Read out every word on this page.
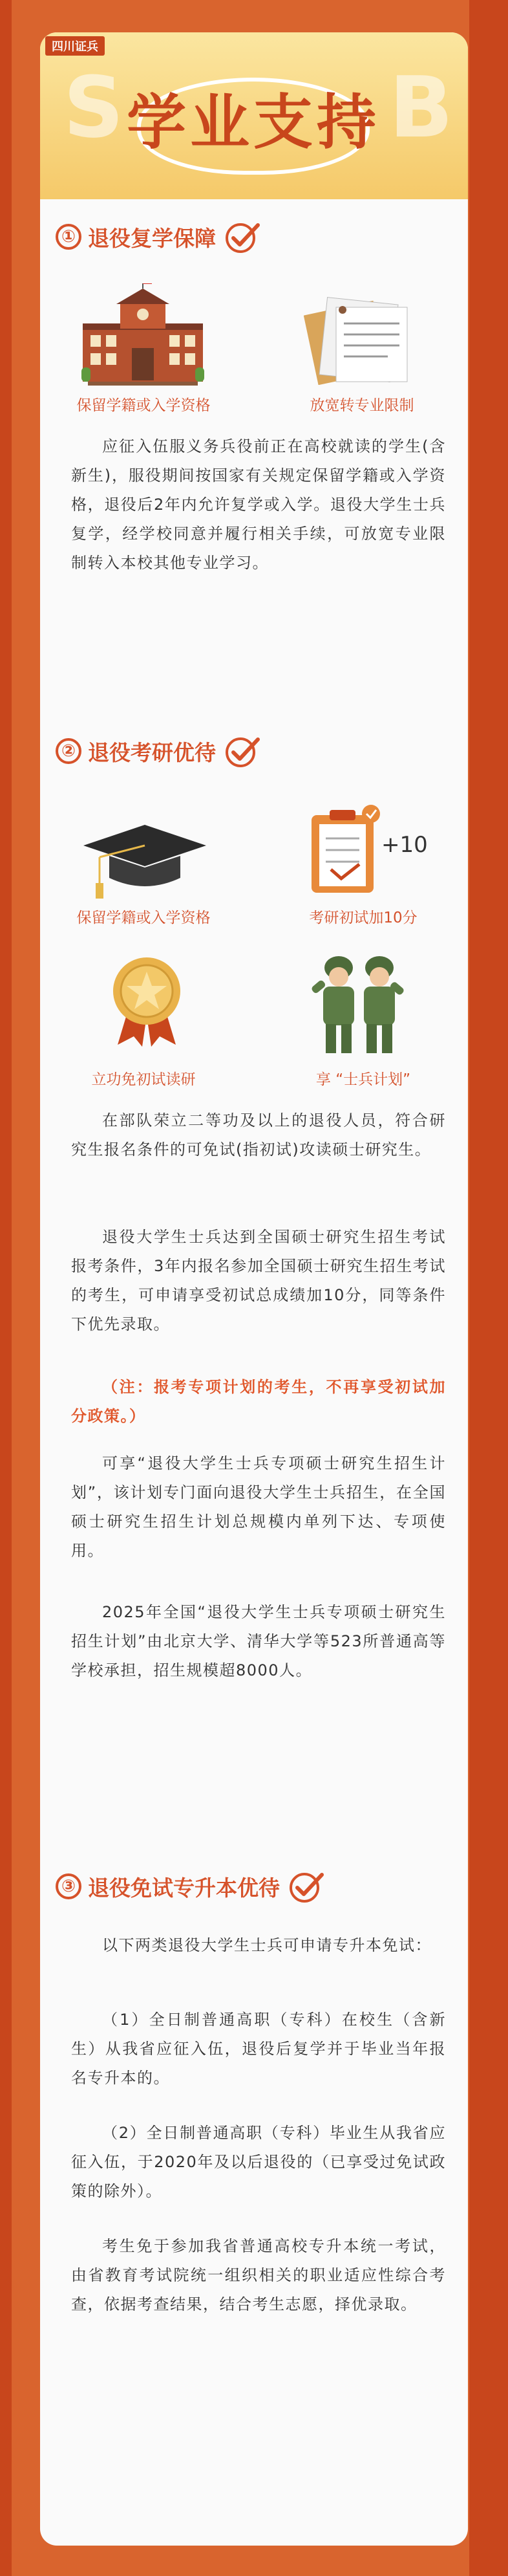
S	B
四川证兵
学业支持
① 退役复学保障
保留学籍或入学资格	放宽转专业限制
应征入伍服义务兵役前正在高校就读的学生(含新生)，服役期间按国家有关规定保留学籍或入学资格，退役后2年内允许复学或入学。退役大学生士兵复学，经学校同意并履行相关手续，可放宽专业限制转入本校其他专业学习。
② 退役考研优待
保留学籍或入学资格
+10
考研初试加10分
立功免初试读研	享 “士兵计划”
在部队荣立二等功及以上的退役人员，符合研究生报名条件的可免试(指初试)攻读硕士研究生。
退役大学生士兵达到全国硕士研究生招生考试报考条件，3年内报名参加全国硕士研究生招生考试的考生，可申请享受初试总成绩加10分，同等条件下优先录取。
（注：报考专项计划的考生，不再享受初试加分政策。）
可享“退役大学生士兵专项硕士研究生招生计划”，该计划专门面向退役大学生士兵招生，在全国硕士研究生招生计划总规模内单列下达、专项使用。
2025年全国“退役大学生士兵专项硕士研究生招生计划”由北京大学、清华大学等523所普通高等学校承担，招生规模超8000人。
③ 退役免试专升本优待
以下两类退役大学生士兵可申请专升本免试：
（1）全日制普通高职（专科）在校生（含新生）从我省应征入伍，退役后复学并于毕业当年报名专升本的。
（2）全日制普通高职（专科）毕业生从我省应征入伍，于2020年及以后退役的（已享受过免试政策的除外）。
考生免于参加我省普通高校专升本统一考试，由省教育考试院统一组织相关的职业适应性综合考查，依据考查结果，结合考生志愿，择优录取。
